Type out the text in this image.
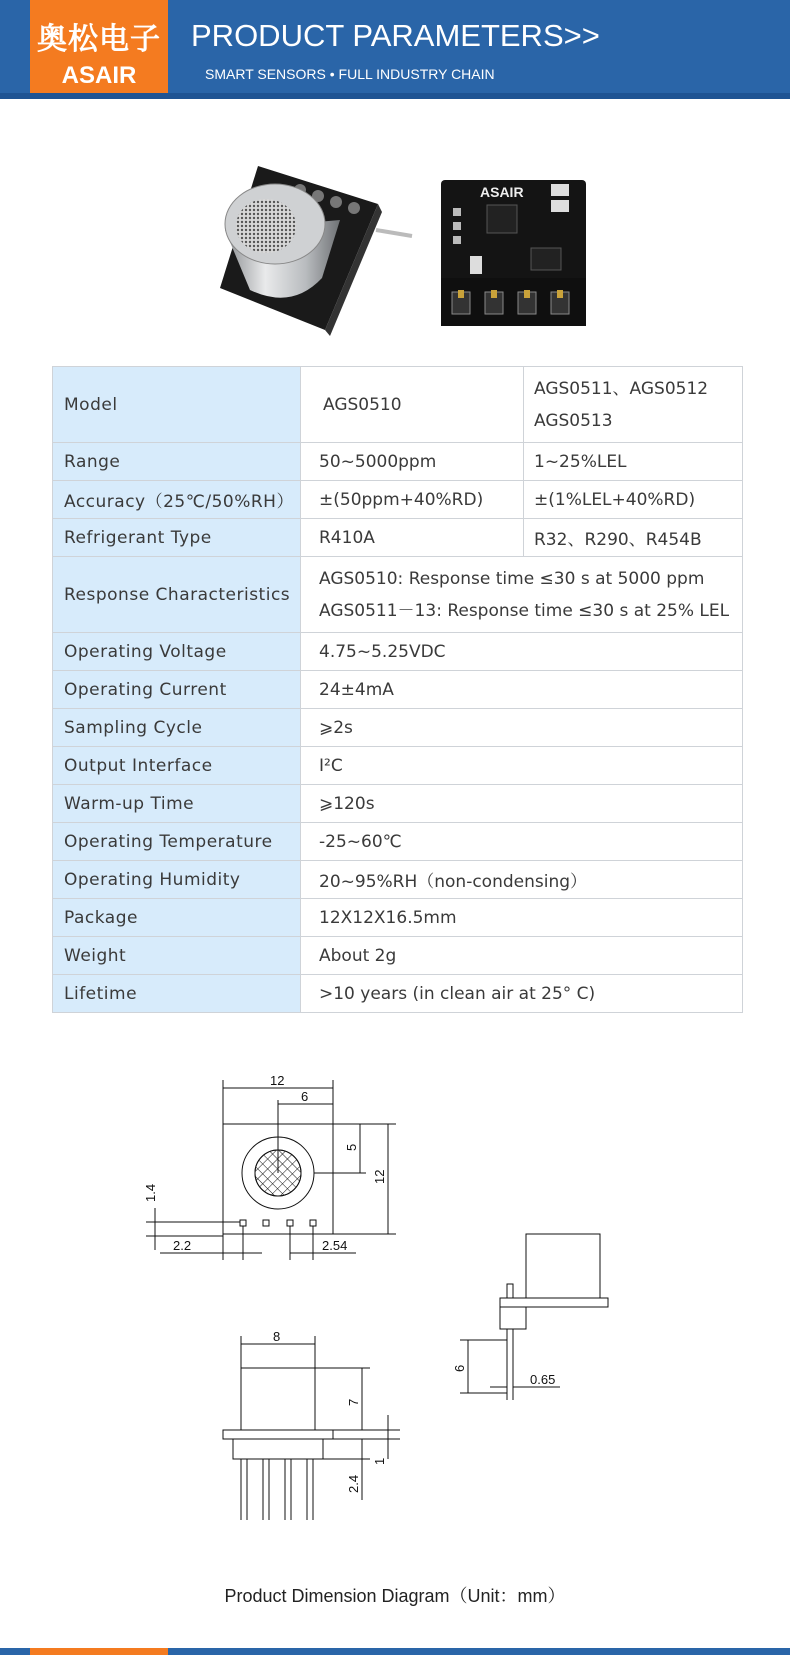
奥松电子
ASAIR
PRODUCT PARAMETERS>>
SMART SENSORS • FULL INDUSTRY CHAIN
ASAIR
Model	AGS0510	AGS0511、AGS0512
AGS0513

Range	50~5000ppm	1~25%LEL
Accuracy（25℃/50%RH）	±(50ppm+40%RD)	±(1%LEL+40%RD)
Refrigerant Type	R410A	R32、R290、R454B
Response Characteristics	AGS0510: Response time ≤30 s at 5000 ppm
AGS0511－13: Response time ≤30 s at 25% LEL	

Operating Voltage	4.75~5.25VDC	
Operating Current	24±4mA	
Sampling Cycle	⩾2s	
Output Interface	I²C	
Warm-up Time	⩾120s	
Operating Temperature	-25~60℃	
Operating Humidity	20~95%RH（non-condensing）	
Package	12X12X16.5mm	
Weight	About 2g	
Lifetime	>10 years (in clean air at 25° C)	
12
6
5
12
1.4
2.2	2.54
8
7
1
2.4
6
0.65
Product Dimension Diagram（Unit：mm）
